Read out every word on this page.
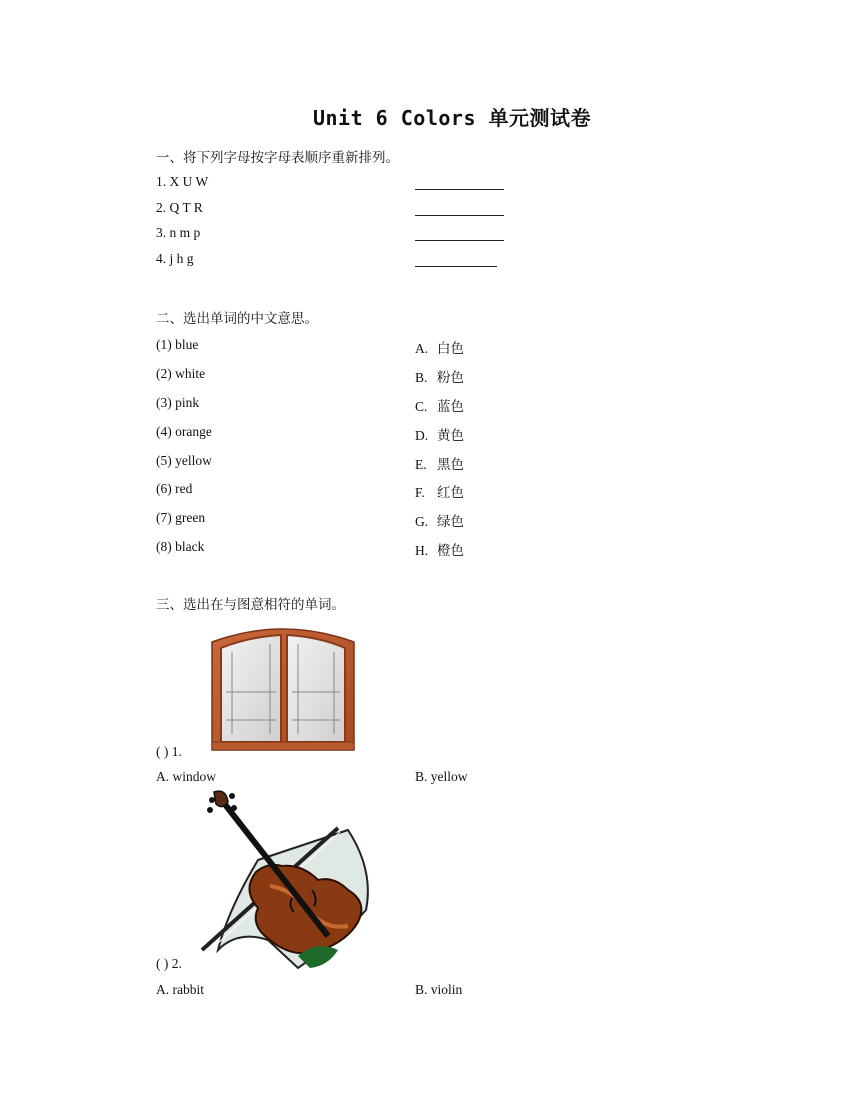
Unit 6 Colors 单元测试卷
一、将下列字母按字母表顺序重新排列。
1. X U W
2. Q T R
3. n m p
4. j h g
二、选出单词的中文意思。
(1) blue
(2) white
(3) pink
(4) orange
(5) yellow
(6) red
(7) green
(8) black
A. 白色
B. 粉色
C. 蓝色
D. 黄色
E. 黑色
F. 红色
G. 绿色
H. 橙色
三、选出在与图意相符的单词。
( ) 1.
A. window	B. yellow
( ) 2.
A. rabbit	B. violin
